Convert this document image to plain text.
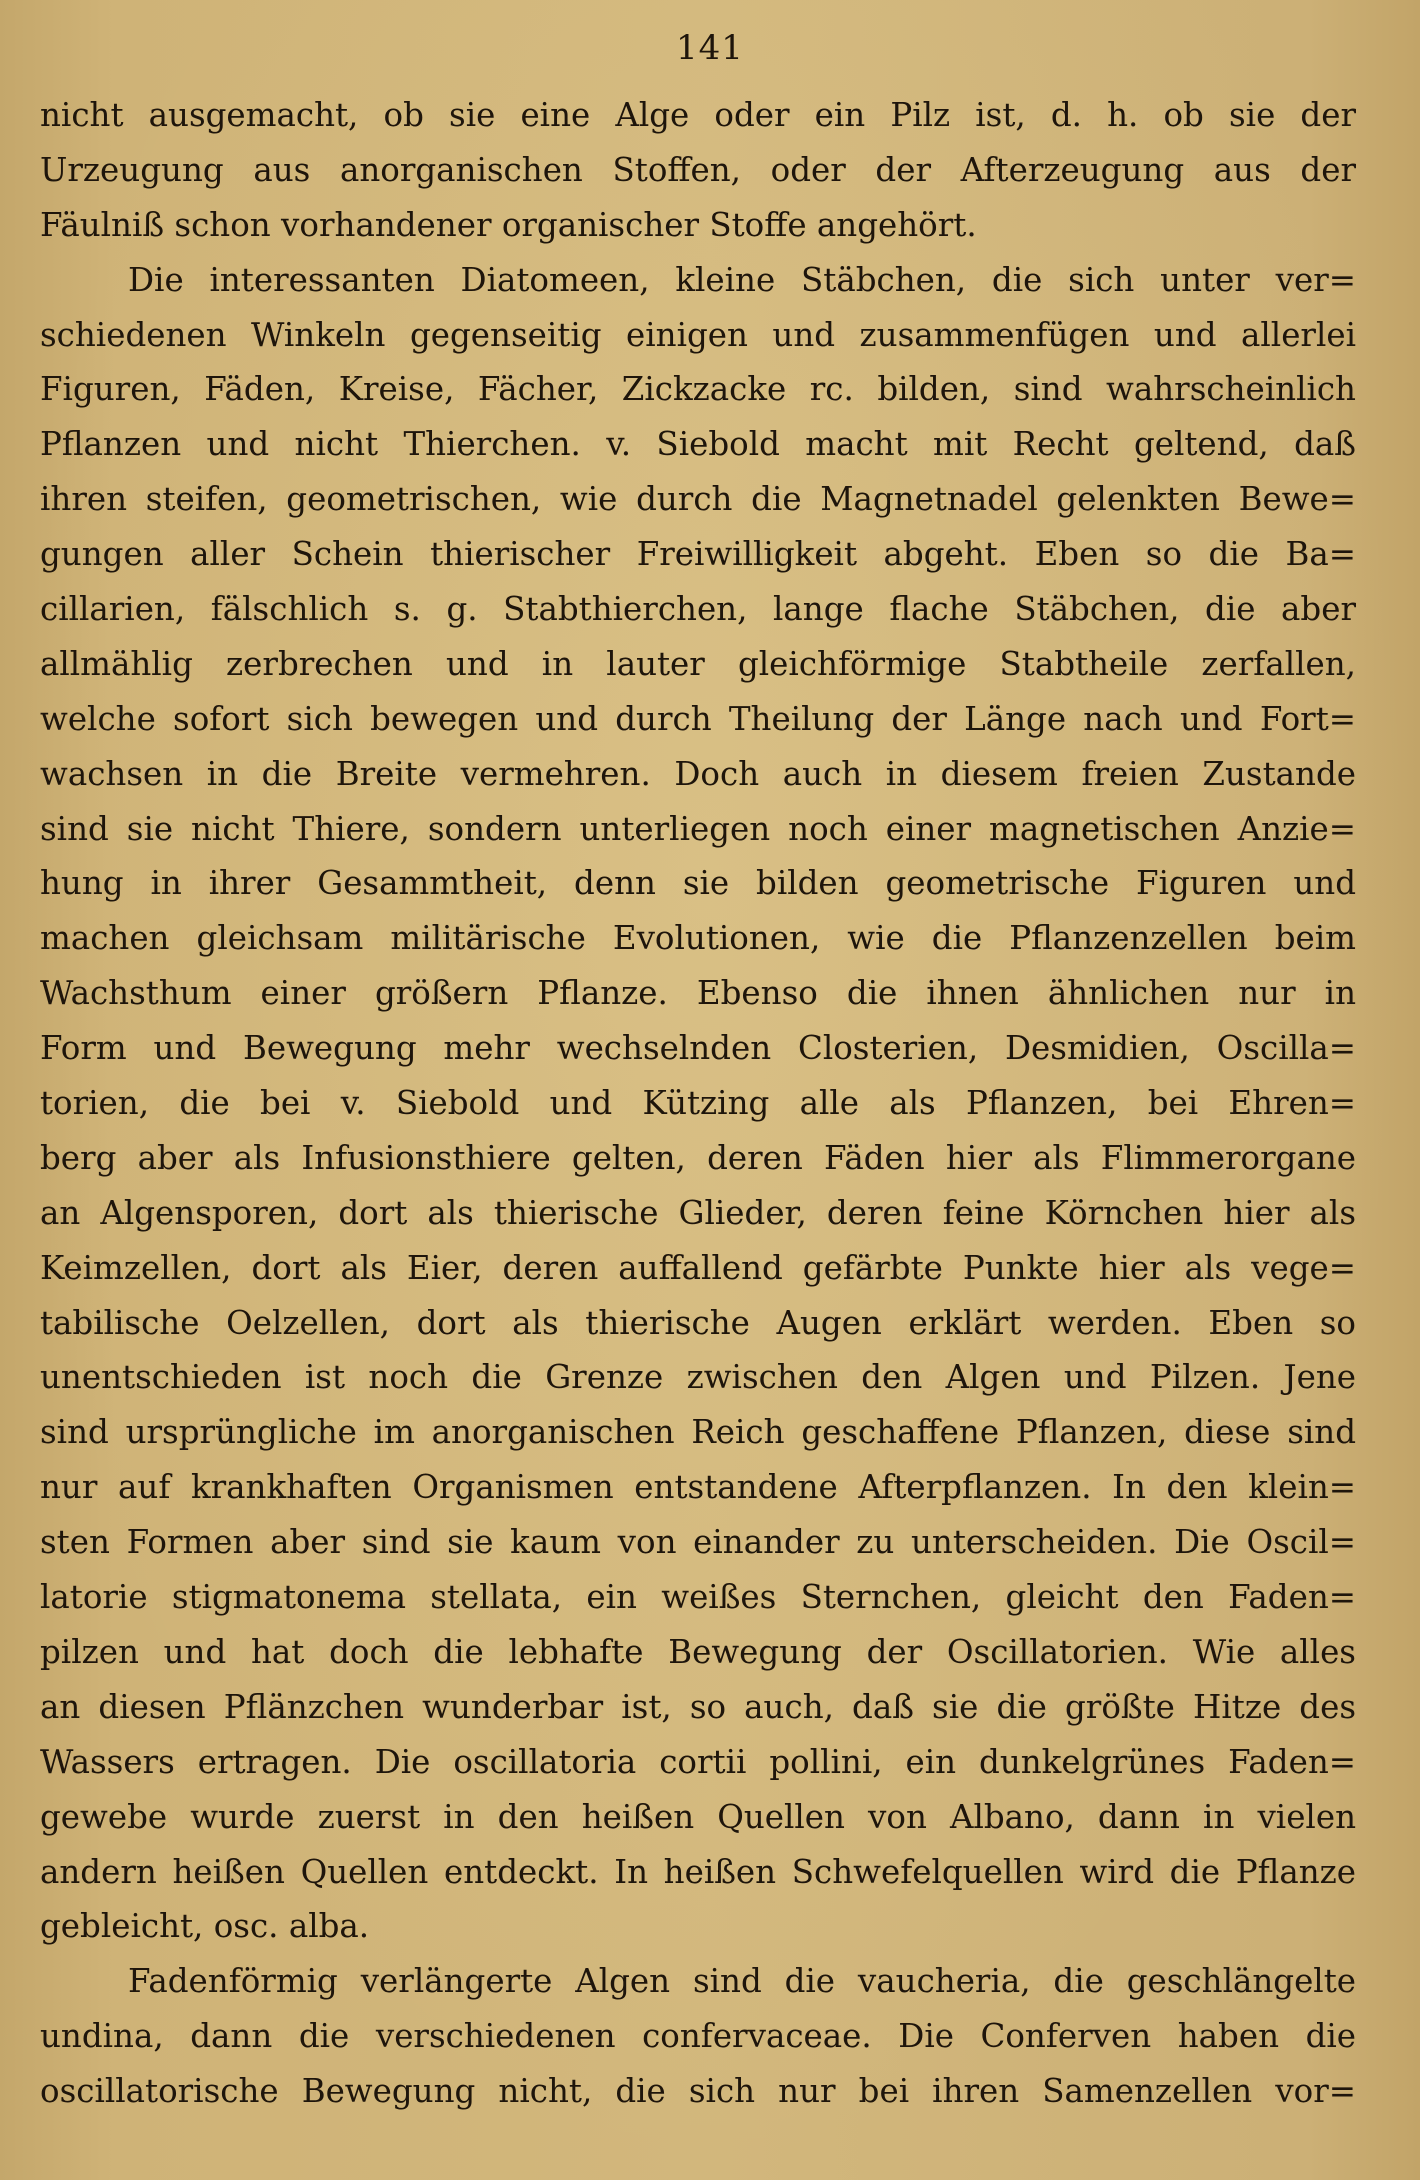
141
nicht ausgemacht, ob sie eine Alge oder ein Pilz ist, d. h. ob sie der
Urzeugung aus anorganischen Stoffen, oder der Afterzeugung aus der
Fäulniß schon vorhandener organischer Stoffe angehört.
Die interessanten Diatomeen, kleine Stäbchen, die sich unter ver=
schiedenen Winkeln gegenseitig einigen und zusammenfügen und allerlei
Figuren, Fäden, Kreise, Fächer, Zickzacke rc. bilden, sind wahrscheinlich
Pflanzen und nicht Thierchen. v. Siebold macht mit Recht geltend, daß
ihren steifen, geometrischen, wie durch die Magnetnadel gelenkten Bewe=
gungen aller Schein thierischer Freiwilligkeit abgeht. Eben so die Ba=
cillarien, fälschlich s. g. Stabthierchen, lange flache Stäbchen, die aber
allmählig zerbrechen und in lauter gleichförmige Stabtheile zerfallen,
welche sofort sich bewegen und durch Theilung der Länge nach und Fort=
wachsen in die Breite vermehren. Doch auch in diesem freien Zustande
sind sie nicht Thiere, sondern unterliegen noch einer magnetischen Anzie=
hung in ihrer Gesammtheit, denn sie bilden geometrische Figuren und
machen gleichsam militärische Evolutionen, wie die Pflanzenzellen beim
Wachsthum einer größern Pflanze. Ebenso die ihnen ähnlichen nur in
Form und Bewegung mehr wechselnden Closterien, Desmidien, Oscilla=
torien, die bei v. Siebold und Kützing alle als Pflanzen, bei Ehren=
berg aber als Infusionsthiere gelten, deren Fäden hier als Flimmerorgane
an Algensporen, dort als thierische Glieder, deren feine Körnchen hier als
Keimzellen, dort als Eier, deren auffallend gefärbte Punkte hier als vege=
tabilische Oelzellen, dort als thierische Augen erklärt werden. Eben so
unentschieden ist noch die Grenze zwischen den Algen und Pilzen. Jene
sind ursprüngliche im anorganischen Reich geschaffene Pflanzen, diese sind
nur auf krankhaften Organismen entstandene Afterpflanzen. In den klein=
sten Formen aber sind sie kaum von einander zu unterscheiden. Die Oscil=
latorie stigmatonema stellata, ein weißes Sternchen, gleicht den Faden=
pilzen und hat doch die lebhafte Bewegung der Oscillatorien. Wie alles
an diesen Pflänzchen wunderbar ist, so auch, daß sie die größte Hitze des
Wassers ertragen. Die oscillatoria cortii pollini, ein dunkelgrünes Faden=
gewebe wurde zuerst in den heißen Quellen von Albano, dann in vielen
andern heißen Quellen entdeckt. In heißen Schwefelquellen wird die Pflanze
gebleicht, osc. alba.
Fadenförmig verlängerte Algen sind die vaucheria, die geschlängelte
undina, dann die verschiedenen confervaceae. Die Conferven haben die
oscillatorische Bewegung nicht, die sich nur bei ihren Samenzellen vor=
